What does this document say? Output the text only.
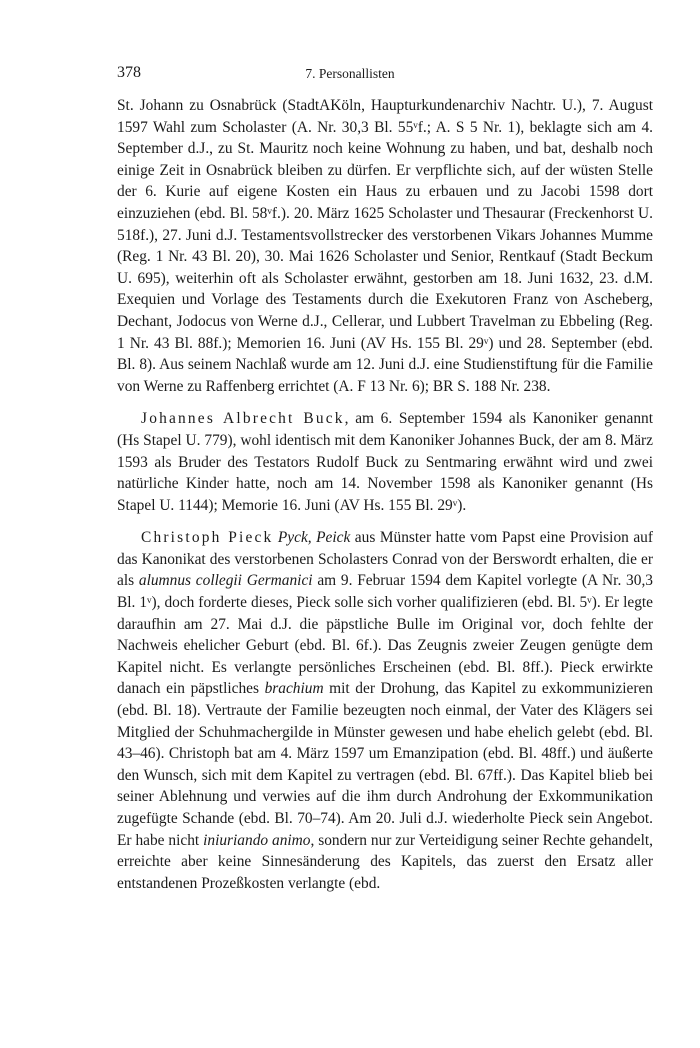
378	7. Personallisten

St. Johann zu Osnabrück (StadtAKöln, Haupturkundenarchiv Nachtr. U.), 7. August 1597 Wahl zum Scholaster (A. Nr. 30,3 Bl. 55ᵛf.; A. S 5 Nr. 1), beklagte sich am 4. September d.J., zu St. Mauritz noch keine Wohnung zu haben, und bat, deshalb noch einige Zeit in Osnabrück bleiben zu dürfen. Er verpflichte sich, auf der wüsten Stelle der 6. Kurie auf eigene Kosten ein Haus zu erbauen und zu Jacobi 1598 dort einzuziehen (ebd. Bl. 58ᵛf.). 20. März 1625 Scholaster und Thesaurar (Freckenhorst U. 518f.), 27. Juni d.J. Testamentsvollstrecker des verstorbenen Vikars Johannes Mumme (Reg. 1 Nr. 43 Bl. 20), 30. Mai 1626 Scholaster und Senior, Rentkauf (Stadt Beckum U. 695), weiterhin oft als Scholaster erwähnt, gestorben am 18. Juni 1632, 23. d.M. Exequien und Vorlage des Testaments durch die Exekutoren Franz von Ascheberg, Dechant, Jodocus von Werne d.J., Cellerar, und Lubbert Travelman zu Ebbeling (Reg. 1 Nr. 43 Bl. 88f.); Memorien 16. Juni (AV Hs. 155 Bl. 29ᵛ) und 28. September (ebd. Bl. 8). Aus seinem Nachlaß wurde am 12. Juni d.J. eine Studienstiftung für die Familie von Werne zu Raffenberg errichtet (A. F 13 Nr. 6); BR S. 188 Nr. 238.

Johannes Albrecht Buck, am 6. September 1594 als Kanoniker genannt (Hs Stapel U. 779), wohl identisch mit dem Kanoniker Johannes Buck, der am 8. März 1593 als Bruder des Testators Rudolf Buck zu Sentmaring erwähnt wird und zwei natürliche Kinder hatte, noch am 14. November 1598 als Kanoniker genannt (Hs Stapel U. 1144); Memorie 16. Juni (AV Hs. 155 Bl. 29ᵛ).

Christoph Pieck Pyck, Peick aus Münster hatte vom Papst eine Provision auf das Kanonikat des verstorbenen Scholasters Conrad von der Berswordt erhalten, die er als alumnus collegii Germanici am 9. Februar 1594 dem Kapitel vorlegte (A Nr. 30,3 Bl. 1ᵛ), doch forderte dieses, Pieck solle sich vorher qualifizieren (ebd. Bl. 5ᵛ). Er legte daraufhin am 27. Mai d.J. die päpstliche Bulle im Original vor, doch fehlte der Nachweis ehelicher Geburt (ebd. Bl. 6f.). Das Zeugnis zweier Zeugen genügte dem Kapitel nicht. Es verlangte persönliches Erscheinen (ebd. Bl. 8ff.). Pieck erwirkte danach ein päpstliches brachium mit der Drohung, das Kapitel zu exkommunizieren (ebd. Bl. 18). Vertraute der Familie bezeugten noch einmal, der Vater des Klägers sei Mitglied der Schuhmachergilde in Münster gewesen und habe ehelich gelebt (ebd. Bl. 43–46). Christoph bat am 4. März 1597 um Emanzipation (ebd. Bl. 48ff.) und äußerte den Wunsch, sich mit dem Kapitel zu vertragen (ebd. Bl. 67ff.). Das Kapitel blieb bei seiner Ablehnung und verwies auf die ihm durch Androhung der Exkommunikation zugefügte Schande (ebd. Bl. 70–74). Am 20. Juli d.J. wiederholte Pieck sein Angebot. Er habe nicht iniuriando animo, sondern nur zur Verteidigung seiner Rechte gehandelt, erreichte aber keine Sinnesänderung des Kapitels, das zuerst den Ersatz aller entstandenen Prozeßkosten verlangte (ebd.
